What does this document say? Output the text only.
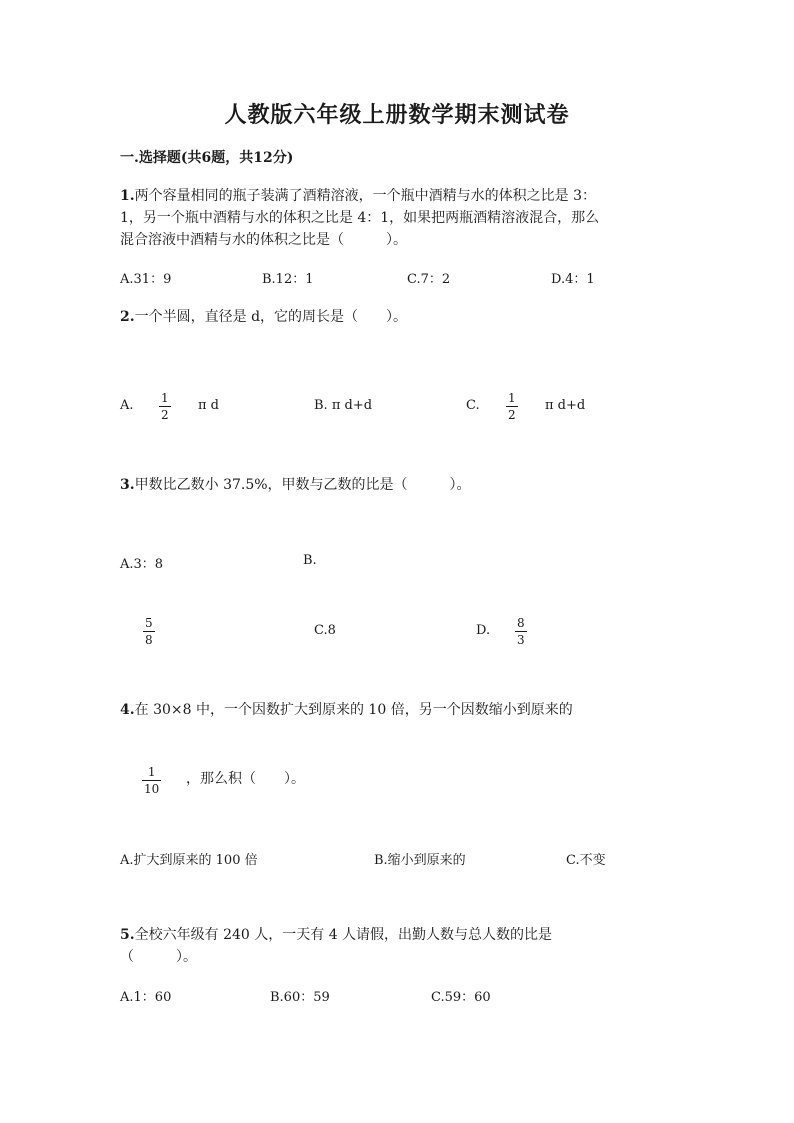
人教版六年级上册数学期末测试卷
一.选择题(共6题，共12分)
1.两个容量相同的瓶子装满了酒精溶液，一个瓶中酒精与水的体积之比是 3：
1，另一个瓶中酒精与水的体积之比是 4：1，如果把两瓶酒精溶液混合，那么
混合溶液中酒精与水的体积之比是（　　　）。
A.31：9	B.12：1	C.7：2	D.4：1
2.一个半圆，直径是 d，它的周长是（　　）。
A. 1
2
π d	B. π d+d	C. 1
2
π d+d
3.甲数比乙数小 37.5%，甲数与乙数的比是（　　　）。
A.3：8	B.
5
8
C.8	D. 8
3
4.在 30×8 中，一个因数扩大到原来的 10 倍，另一个因数缩小到原来的
1
10
，那么积（　　）。
A.扩大到原来的 100 倍	B.缩小到原来的	C.不变
5.全校六年级有 240 人，一天有 4 人请假，出勤人数与总人数的比是
（　　　）。
A.1：60	B.60：59	C.59：60
